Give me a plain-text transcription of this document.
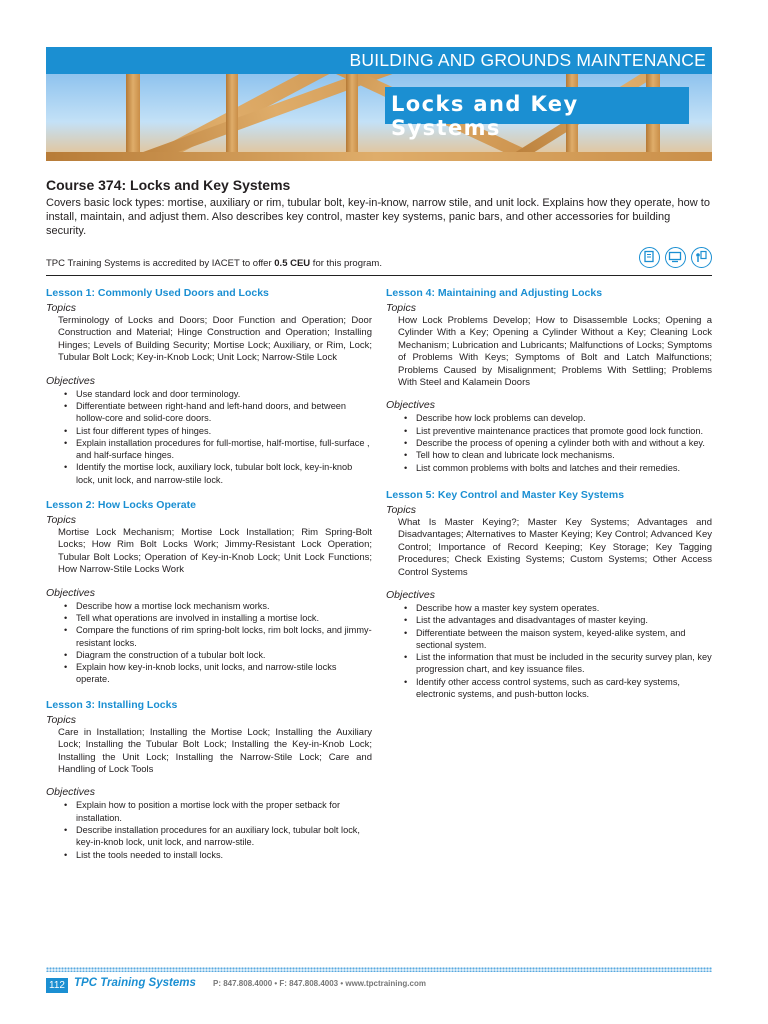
BUILDING AND GROUNDS MAINTENANCE
Locks and Key Systems
Course 374: Locks and Key Systems

Covers basic lock types: mortise, auxiliary or rim, tubular bolt, key-in-know, narrow stile, and unit lock. Explains how they operate, how to install, maintain, and adjust them. Also describes key control, master key systems, panic bars, and other accessories for building security.

TPC Training Systems is accredited by IACET to offer 0.5 CEU for this program.
Lesson 1: Commonly Used Doors and Locks

Topics

Terminology of Locks and Doors; Door Function and Operation; Door Construction and Material; Hinge Construction and Operation; Installing Hinges; Levels of Building Security; Mortise Lock; Auxiliary, or Rim, Lock; Tubular Bolt Lock; Key-in-Knob Lock; Unit Lock; Narrow-Stile Lock

Objectives

• Use standard lock and door terminology.
• Differentiate between right-hand and left-hand doors, and between hollow-core and solid-core doors.
• List four different types of hinges.
• Explain installation procedures for full-mortise, half-mortise, full-surface , and half-surface hinges.
• Identify the mortise lock, auxiliary lock, tubular bolt lock, key-in-knob lock, unit lock, and narrow-stile lock.
Lesson 2: How Locks Operate

Topics

Mortise Lock Mechanism; Mortise Lock Installation; Rim Spring-Bolt Locks; How Rim Bolt Locks Work; Jimmy-Resistant Lock Operation; Tubular Bolt Locks; Operation of Key-in-Knob Lock; Unit Lock Functions; How Narrow-Stile Locks Work

Objectives

• Describe how a mortise lock mechanism works.
• Tell what operations are involved in installing a mortise lock.
• Compare the functions of rim spring-bolt locks, rim bolt locks, and jimmy-resistant locks.
• Diagram the construction of a tubular bolt lock.
• Explain how key-in-knob locks, unit locks, and narrow-stile locks operate.
Lesson 3: Installing Locks

Topics

Care in Installation; Installing the Mortise Lock; Installing the Auxiliary Lock; Installing the Tubular Bolt Lock; Installing the Key-in-Knob Lock; Installing the Unit Lock; Installing the Narrow-Stile Lock; Care and Handling of Lock Tools

Objectives

• Explain how to position a mortise lock with the proper setback for installation.
• Describe installation procedures for an auxiliary lock, tubular bolt lock, key-in-knob lock, unit lock, and narrow-stile.
• List the tools needed to install locks.
Lesson 4: Maintaining and Adjusting Locks

Topics

How Lock Problems Develop; How to Disassemble Locks; Opening a Cylinder With a Key; Opening a Cylinder Without a Key; Cleaning Lock Mechanism; Lubrication and Lubricants; Malfunctions of Locks; Symptoms of Problems With Keys; Symptoms of Bolt and Latch Malfunctions; Problems Caused by Misalignment; Problems With Settling; Problems With Steel and Kalamein Doors

Objectives

• Describe how lock problems can develop.
• List preventive maintenance practices that promote good lock function.
• Describe the process of opening a cylinder both with and without a key.
• Tell how to clean and lubricate lock mechanisms.
• List common problems with bolts and latches and their remedies.
Lesson 5: Key Control and Master Key Systems

Topics

What Is Master Keying?; Master Key Systems; Advantages and Disadvantages; Alternatives to Master Keying; Key Control; Advanced Key Control; Importance of Record Keeping; Key Storage; Key Tagging Procedures; Check Existing Systems; Custom Systems; Other Access Control Systems

Objectives

• Describe how a master key system operates.
• List the advantages and disadvantages of master keying.
• Differentiate between the maison system, keyed-alike system, and sectional system.
• List the information that must be included in the security survey plan, key progression chart, and key issuance files.
• Identify other access control systems, such as card-key systems, electronic systems, and push-button locks.
112 TPC Training Systems P: 847.808.4000 • F: 847.808.4003 • www.tpctraining.com
